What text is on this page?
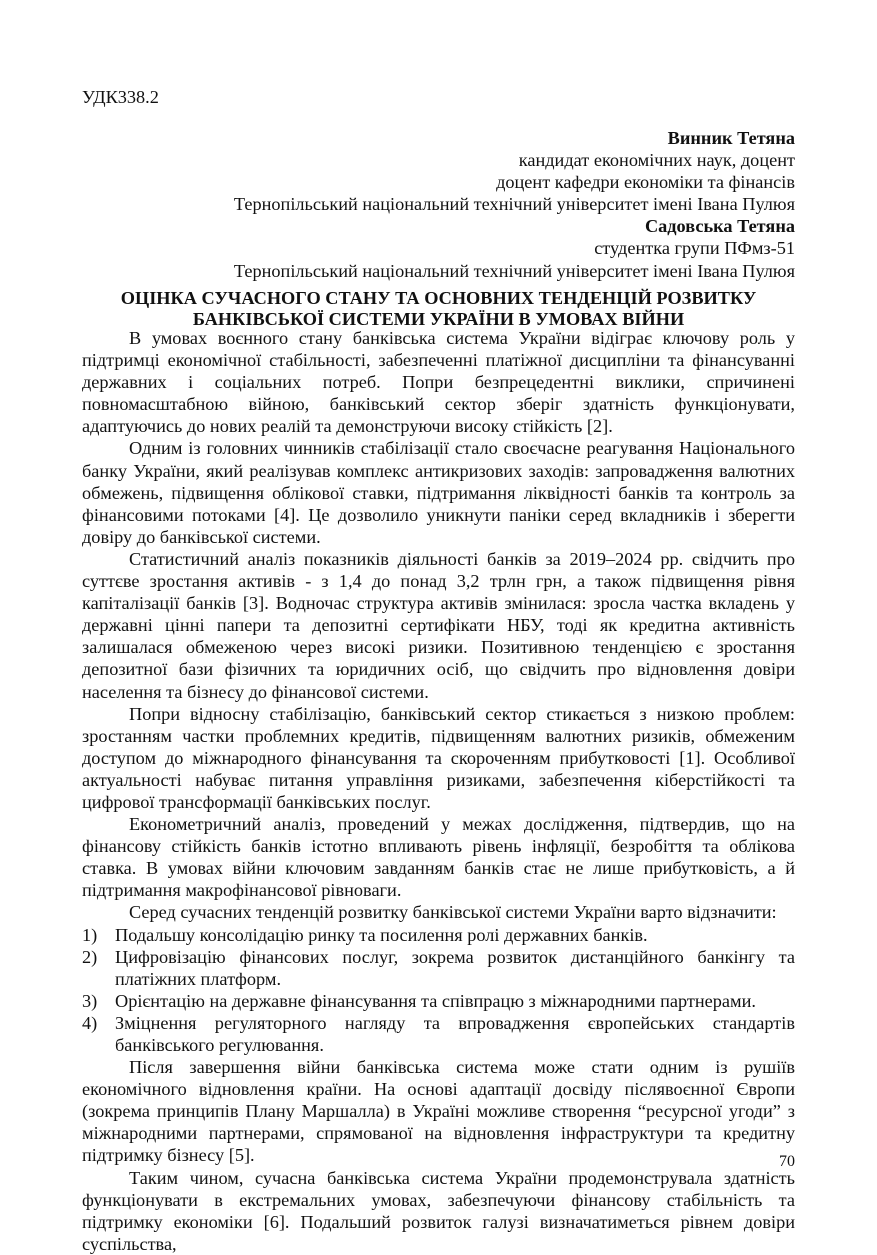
УДК338.2
Винник Тетяна
кандидат економічних наук, доцент
доцент кафедри економіки та фінансів
Тернопільський національний технічний університет імені Івана Пулюя
Садовська Тетяна
студентка групи ПФмз-51
Тернопільський національний технічний університет імені Івана Пулюя
ОЦІНКА СУЧАСНОГО СТАНУ ТА ОСНОВНИХ ТЕНДЕНЦІЙ РОЗВИТКУ
БАНКІВСЬКОЇ СИСТЕМИ УКРАЇНИ В УМОВАХ ВІЙНИ

В умовах воєнного стану банківська система України відіграє ключову роль у підтримці економічної стабільності, забезпеченні платіжної дисципліни та фінансуванні державних і соціальних потреб. Попри безпрецедентні виклики, спричинені повномасштабною війною, банківський сектор зберіг здатність функціонувати, адаптуючись до нових реалій та демонструючи високу стійкість [2].

Одним із головних чинників стабілізації стало своєчасне реагування Національного банку України, який реалізував комплекс антикризових заходів: запровадження валютних обмежень, підвищення облікової ставки, підтримання ліквідності банків та контроль за фінансовими потоками [4]. Це дозволило уникнути паніки серед вкладників і зберегти довіру до банківської системи.

Статистичний аналіз показників діяльності банків за 2019–2024 рр. свідчить про суттєве зростання активів - з 1,4 до понад 3,2 трлн грн, а також підвищення рівня капіталізації банків [3]. Водночас структура активів змінилася: зросла частка вкладень у державні цінні папери та депозитні сертифікати НБУ, тоді як кредитна активність залишалася обмеженою через високі ризики. Позитивною тенденцією є зростання депозитної бази фізичних та юридичних осіб, що свідчить про відновлення довіри населення та бізнесу до фінансової системи.

Попри відносну стабілізацію, банківський сектор стикається з низкою проблем: зростанням частки проблемних кредитів, підвищенням валютних ризиків, обмеженим доступом до міжнародного фінансування та скороченням прибутковості [1]. Особливої актуальності набуває питання управління ризиками, забезпечення кіберстійкості та цифрової трансформації банківських послуг.

Економетричний аналіз, проведений у межах дослідження, підтвердив, що на фінансову стійкість банків істотно впливають рівень інфляції, безробіття та облікова ставка. В умовах війни ключовим завданням банків стає не лише прибутковість, а й підтримання макрофінансової рівноваги.

Серед сучасних тенденцій розвитку банківської системи України варто відзначити:

1) Подальшу консолідацію ринку та посилення ролі державних банків.
2) Цифровізацію фінансових послуг, зокрема розвиток дистанційного банкінгу та платіжних платформ.
3) Орієнтацію на державне фінансування та співпрацю з міжнародними партнерами.
4) Зміцнення регуляторного нагляду та впровадження європейських стандартів банківського регулювання.

Після завершення війни банківська система може стати одним із рушіїв економічного відновлення країни. На основі адаптації досвіду післявоєнної Європи (зокрема принципів Плану Маршалла) в Україні можливе створення “ресурсної угоди” з міжнародними партнерами, спрямованої на відновлення інфраструктури та кредитну підтримку бізнесу [5].

Таким чином, сучасна банківська система України продемонструвала здатність функціонувати в екстремальних умовах, забезпечуючи фінансову стабільність та підтримку економіки [6]. Подальший розвиток галузі визначатиметься рівнем довіри суспільства,

70
